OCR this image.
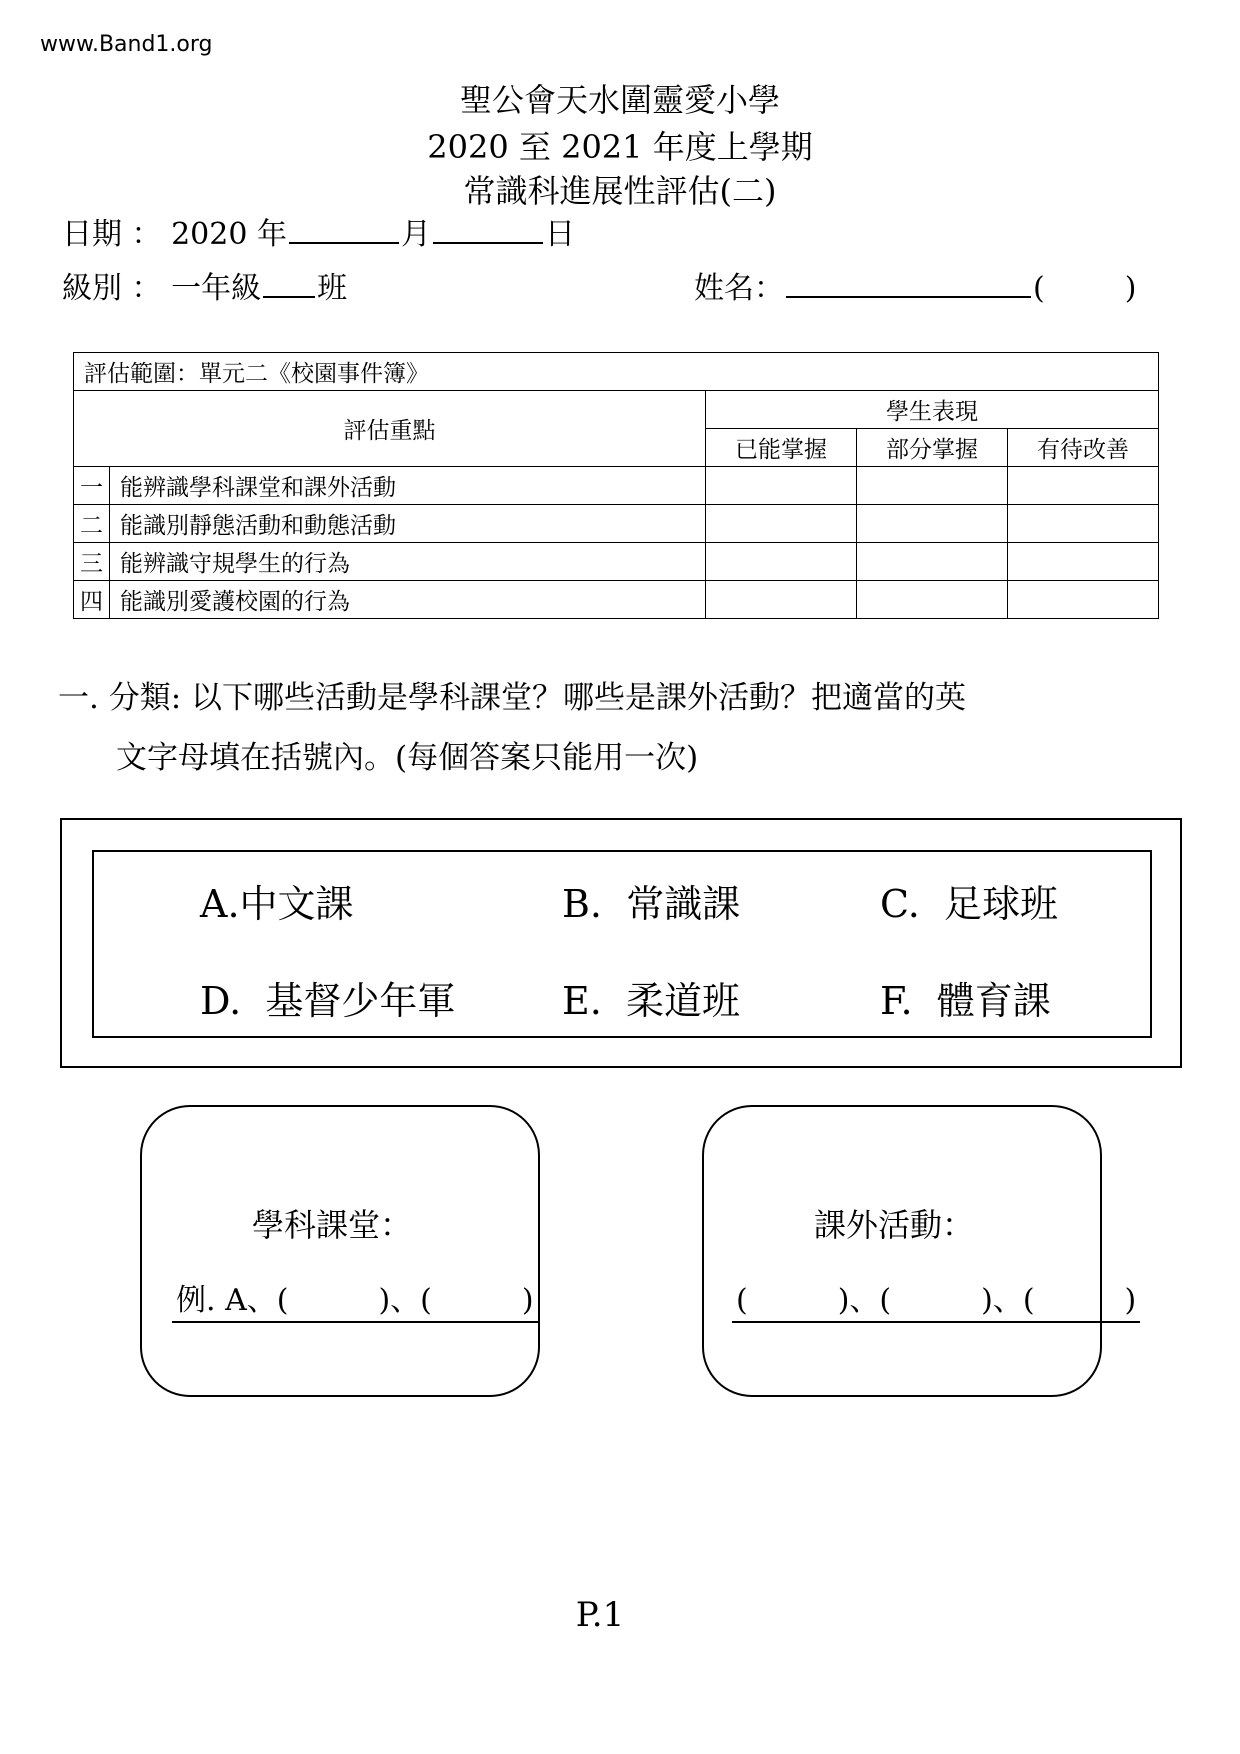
www.Band1.org
聖公會天水圍靈愛小學
2020 至 2021 年度上學期
常識科進展性評估(二)
日期 ： 2020 年	月	日
級別 ： 一年級 班	姓名：	(	)
評估範圍：單元二《校園事件簿》				
評估重點		學生表現		
		已能掌握	部分掌握	有待改善
一	能辨識學科課堂和課外活動			
二	能識別靜態活動和動態活動			
三	能辨識守規學生的行為			
四	能識別愛護校園的行為			
一. 分類: 以下哪些活動是學科課堂？哪些是課外活動？把適當的英
文字母填在括號內。(每個答案只能用一次)
A.中文課	B. 常識課	C. 足球班
D. 基督少年軍	E. 柔道班	F. 體育課
學科課堂：
例. A、(　　　)、(　　　)
課外活動：
(　　　)、(　　　)、(　　　)
P.1
